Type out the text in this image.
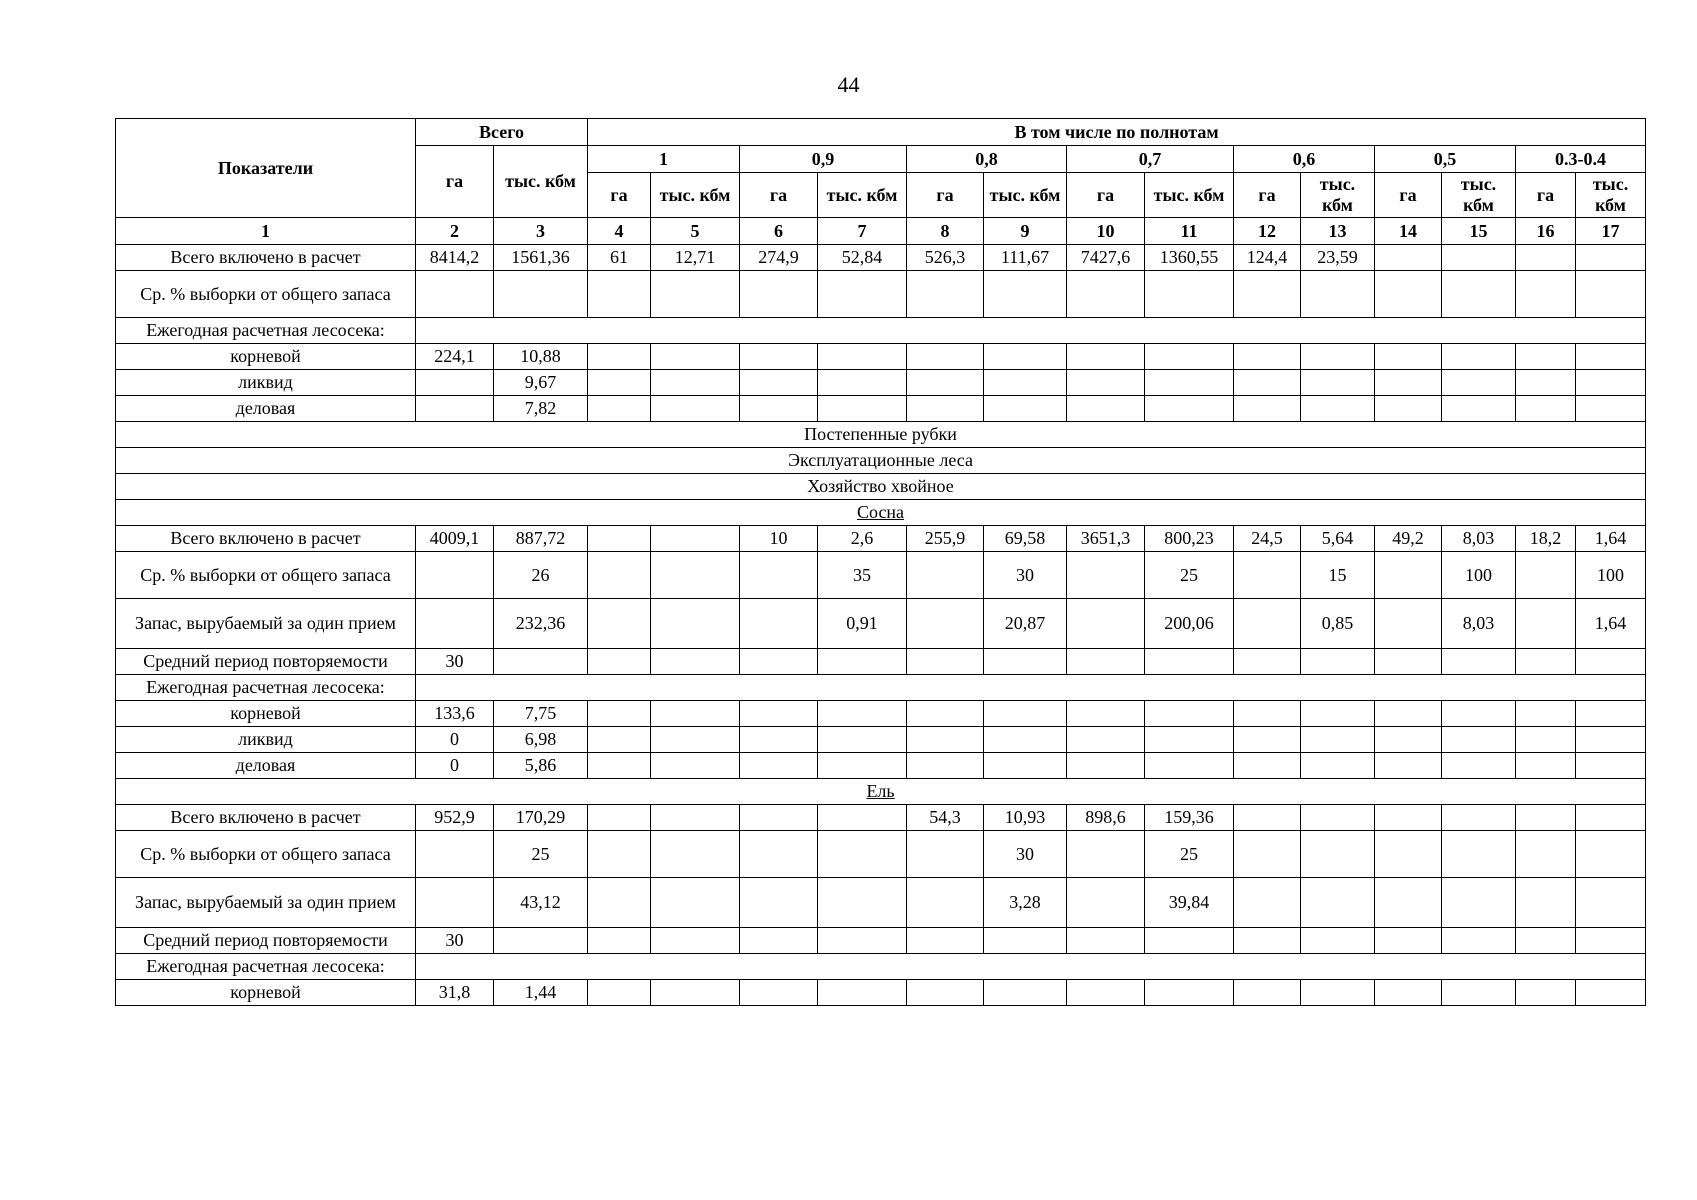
44
Показатели	Всего		В том числе по полнотам													
	га	тыс. кбм	1		0,9		0,8		0,7		0,6		0,5		0.3-0.4	
			га	тыс. кбм	га	тыс. кбм	га	тыс. кбм	га	тыс. кбм	га	тыс. кбм	га	тыс. кбм	га	тыс. кбм
1	2	3	4	5	6	7	8	9	10	11	12	13	14	15	16	17
Всего включено в расчет	8414,2	1561,36	61	12,71	274,9	52,84	526,3	111,67	7427,6	1360,55	124,4	23,59				
Ср. % выборки от общего запаса																
Ежегодная расчетная лесосека:																
корневой	224,1	10,88														
ликвид		9,67														
деловая		7,82														
Постепенные рубки																
Эксплуатационные леса																
Хозяйство хвойное																
Сосна																
Всего включено в расчет	4009,1	887,72			10	2,6	255,9	69,58	3651,3	800,23	24,5	5,64	49,2	8,03	18,2	1,64
Ср. % выборки от общего запаса		26				35		30		25		15		100		100
Запас, вырубаемый за один прием		232,36				0,91		20,87		200,06		0,85		8,03		1,64
Средний период повторяемости	30															
Ежегодная расчетная лесосека:																
корневой	133,6	7,75														
ликвид	0	6,98														
деловая	0	5,86														
Ель																
Всего включено в расчет	952,9	170,29					54,3	10,93	898,6	159,36						
Ср. % выборки от общего запаса		25						30		25						
Запас, вырубаемый за один прием		43,12						3,28		39,84						
Средний период повторяемости	30															
Ежегодная расчетная лесосека:																
корневой	31,8	1,44														
